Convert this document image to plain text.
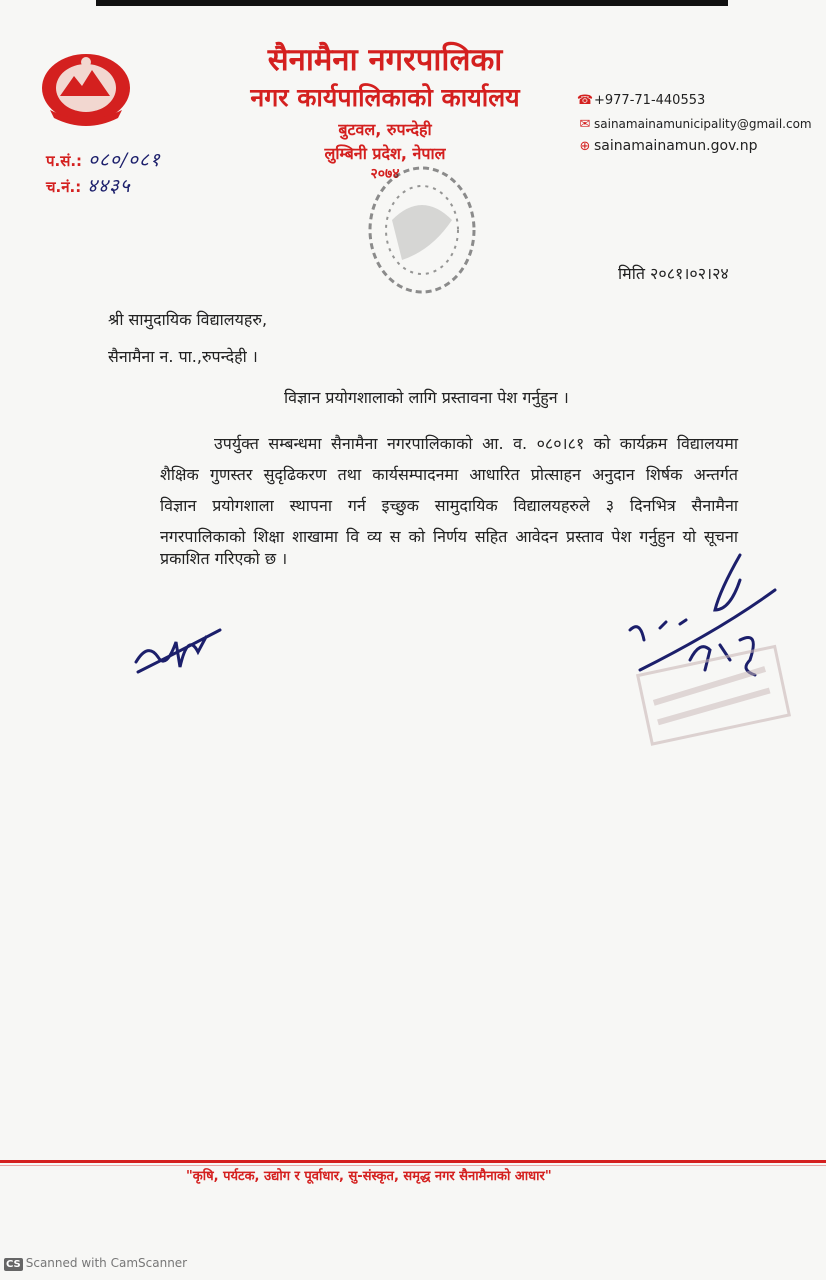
सैनामैना नगरपालिका
नगर कार्यपालिकाको कार्यालय
बुटवल, रुपन्देही
लुम्बिनी प्रदेश, नेपाल
२०७४
☎+977-71-440553
✉ sainamainamunicipality@gmail.com
⊕ sainamainamun.gov.np
प.सं.: ०८०/०८१
च.नं.: ४४३५
मिति २०८१।०२।२४
श्री सामुदायिक विद्यालयहरु,
सैनामैना न. पा.,रुपन्देही ।
विज्ञान प्रयोगशालाको लागि प्रस्तावना पेश गर्नुहुन ।
उपर्युक्त सम्बन्धमा सैनामैना नगरपालिकाको आ. व. ०८०।८१ को कार्यक्रम विद्यालयमा
शैक्षिक गुणस्तर सुदृढिकरण तथा कार्यसम्पादनमा आधारित प्रोत्साहन अनुदान शिर्षक अन्तर्गत
विज्ञान प्रयोगशाला स्थापना गर्न इच्छुक सामुदायिक विद्यालयहरुले ३ दिनभित्र सैनामैना
नगरपालिकाको शिक्षा शाखामा वि व्य स को निर्णय सहित आवेदन प्रस्ताव पेश गर्नुहुन यो सूचना
प्रकाशित गरिएको छ ।
"कृषि, पर्यटक, उद्योग र पूर्वाधार, सु-संस्कृत, समृद्ध नगर सैनामैनाको आधार"
CS Scanned with CamScanner
